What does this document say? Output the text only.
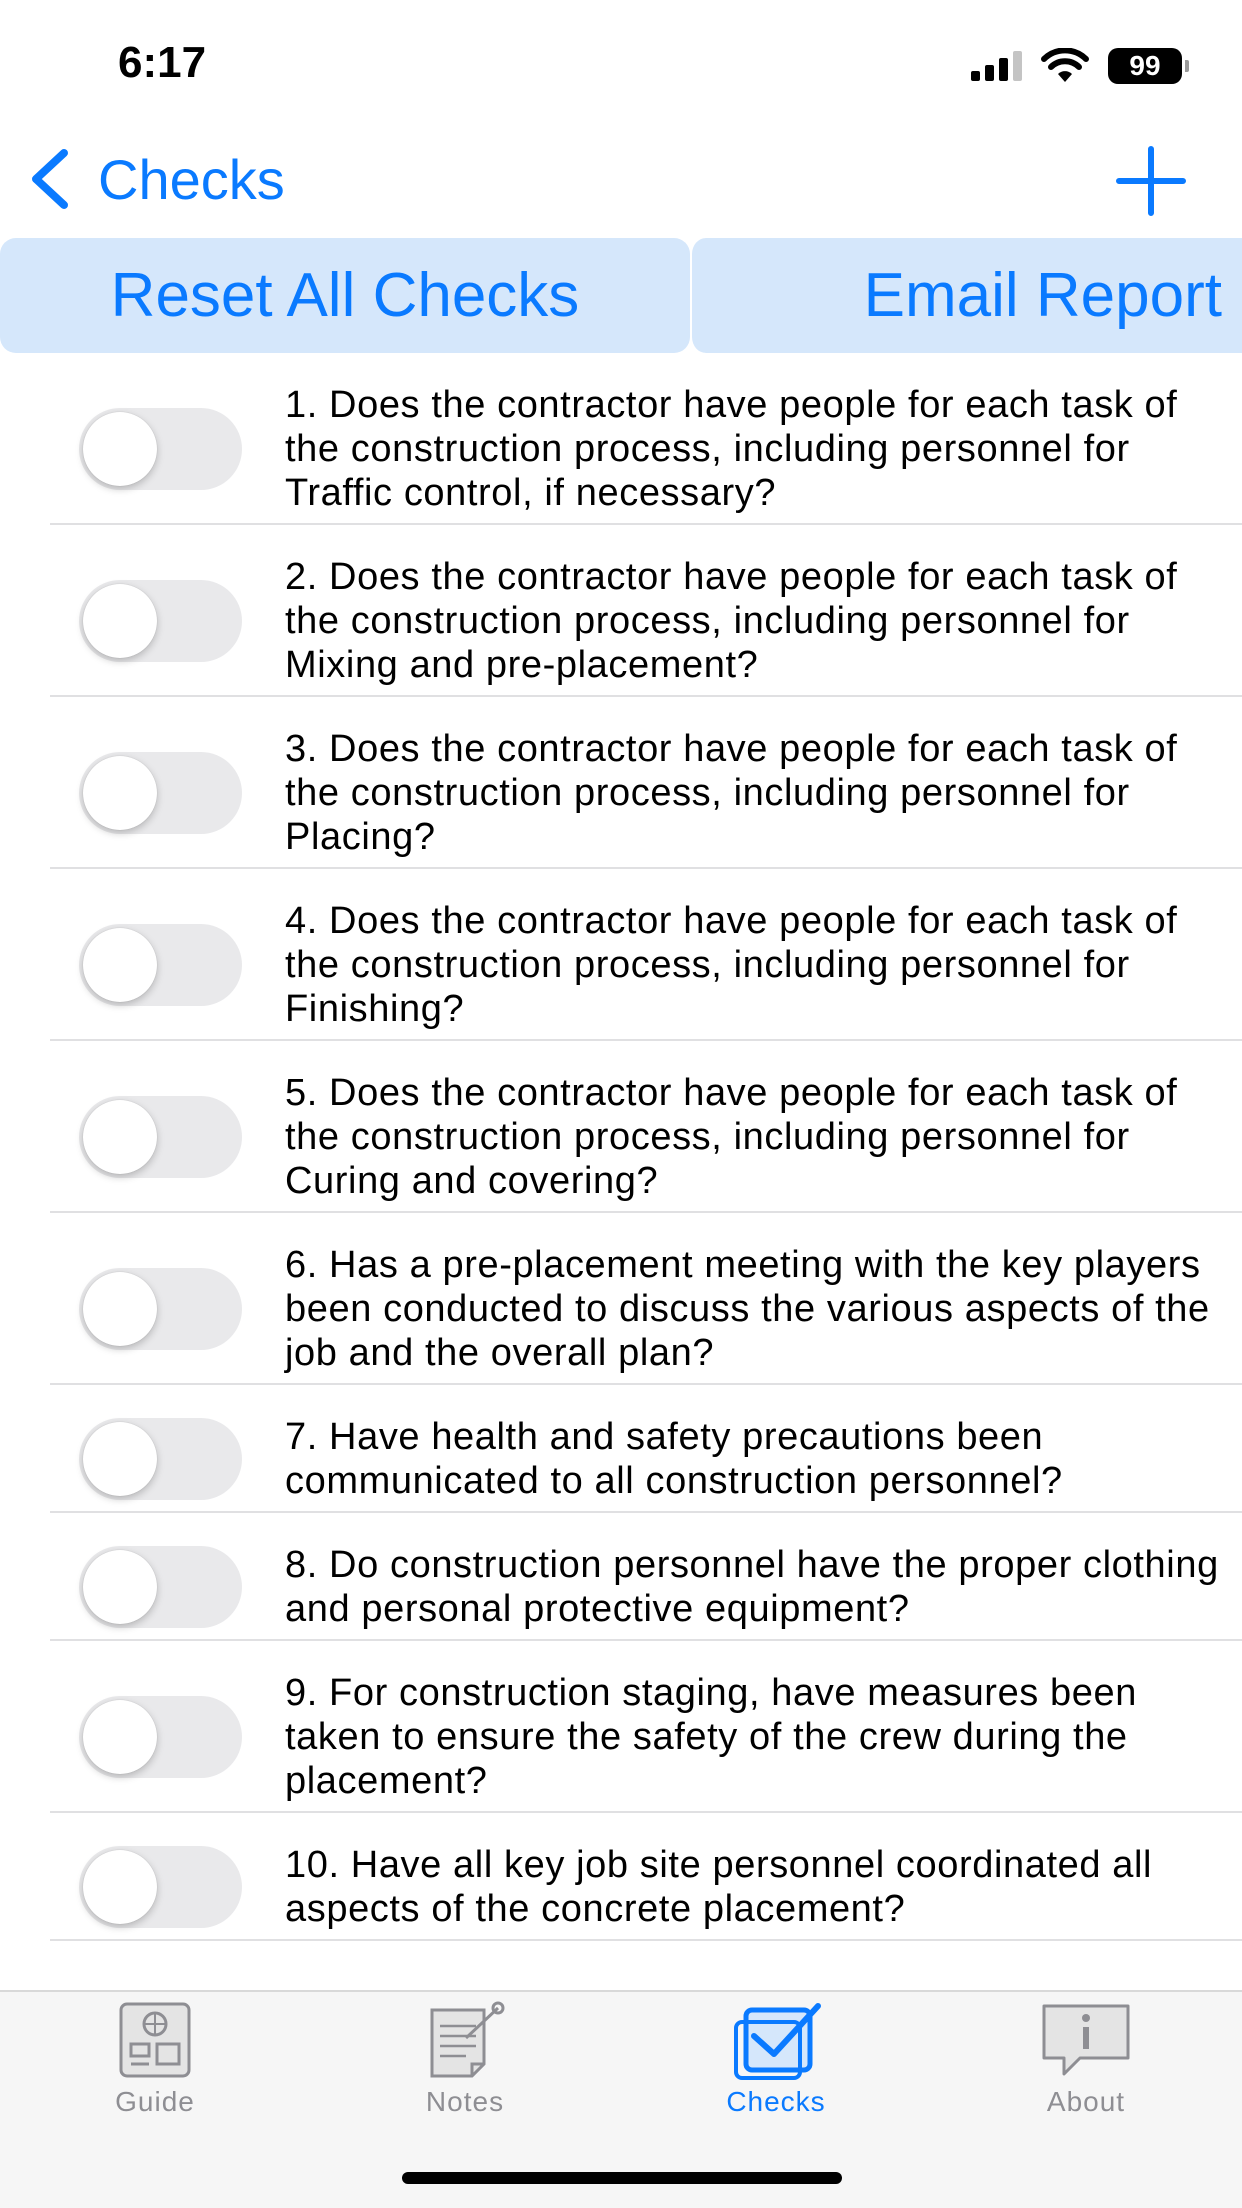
6:17	99
Checks
Reset All Checks	Email Report
1. Does the contractor have people for each task of the construction process, including personnel for Traffic control, if necessary?
2. Does the contractor have people for each task of the construction process, including personnel for Mixing and pre-placement?
3. Does the contractor have people for each task of the construction process, including personnel for Placing?
4. Does the contractor have people for each task of the construction process, including personnel for Finishing?
5. Does the contractor have people for each task of the construction process, including personnel for Curing and covering?
6. Has a pre-placement meeting with the key players been conducted to discuss the various aspects of the job and the overall plan?
7. Have health and safety precautions been communicated to all construction personnel?
8. Do construction personnel have the proper clothing and personal protective equipment?
9. For construction staging, have measures been taken to ensure the safety of the crew during the placement?
10. Have all key job site personnel coordinated all aspects of the concrete placement?
Guide	Notes	Checks	About
